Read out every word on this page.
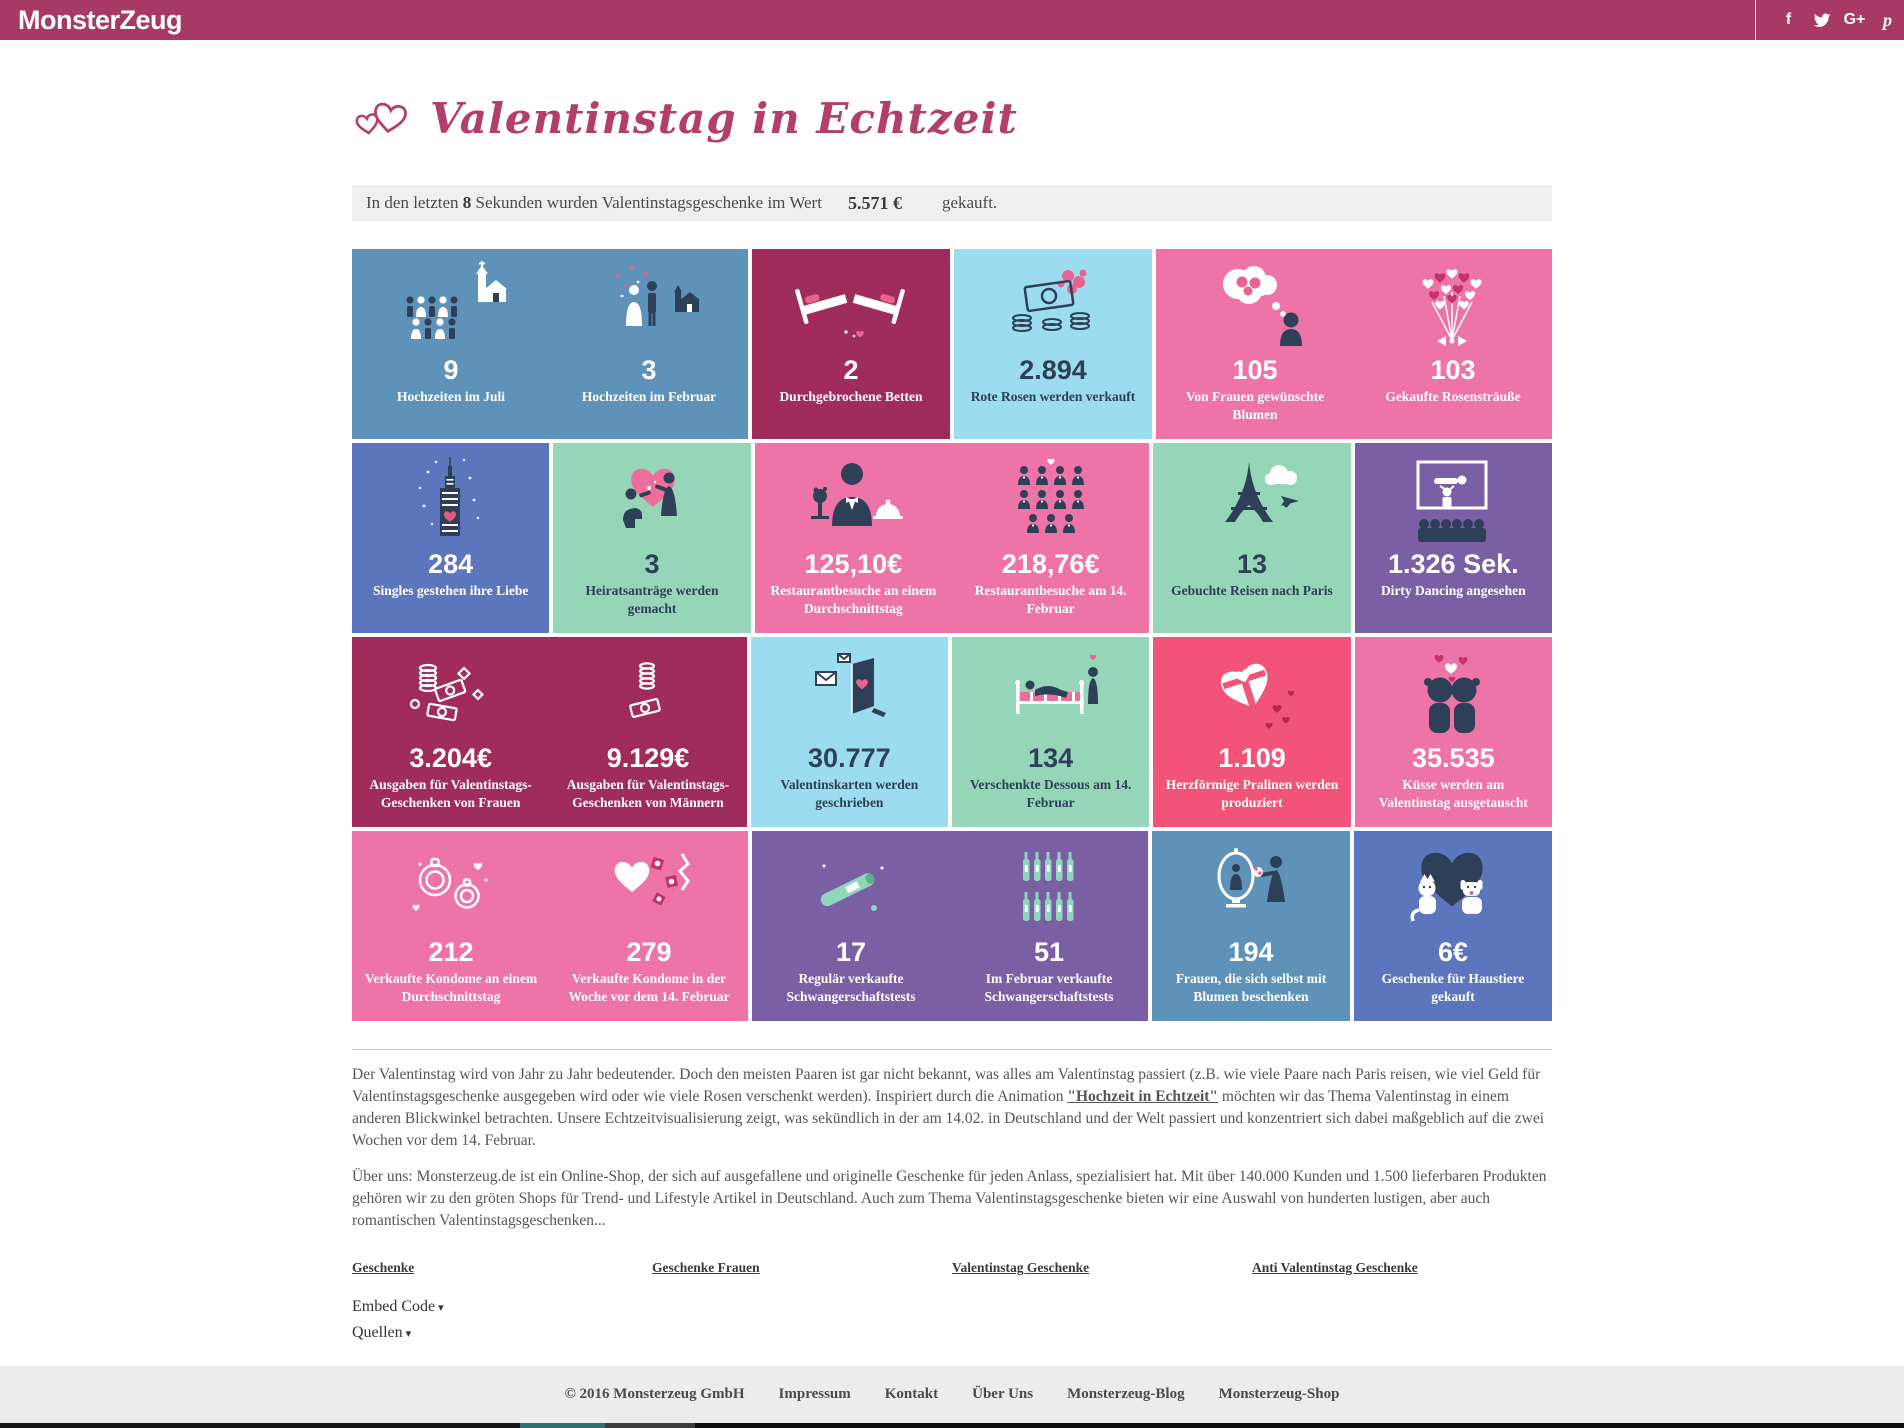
MonsterZeug	f	G+ p
Valentinstag in Echtzeit
In den letzten
8
Sekunden wurden Valentinstagsgeschenke im Wert 5.571 € gekauft.
9
Hochzeiten im Juli
3
Hochzeiten im Februar
2
Durchgebrochene Betten
2.894
Rote Rosen werden verkauft
105
Von Frauen gewünschte Blumen
103
Gekaufte Rosensträuße
284
Singles gestehen ihre Liebe
3
Heiratsanträge werden gemacht
125,10€
Restaurantbesuche an einem Durchschnittstag
218,76€
Restaurantbesuche am 14. Februar
13
Gebuchte Reisen nach Paris
1.326 Sek.
Dirty Dancing angesehen
3.204€
Ausgaben für Valentinstags-Geschenken von Frauen
9.129€
Ausgaben für Valentinstags-Geschenken von Männern
30.777
Valentinskarten werden geschrieben
134
Verschenkte Dessous am 14. Februar
1.109
Herzförmige Pralinen werden produziert
35.535
Küsse werden am Valentinstag ausgetauscht
212
Verkaufte Kondome an einem Durchschnittstag
279
Verkaufte Kondome in der Woche vor dem 14. Februar
17
Regulär verkaufte Schwangerschaftstests
51
Im Februar verkaufte Schwangerschaftstests
194
Frauen, die sich selbst mit Blumen beschenken
6€
Geschenke für Haustiere gekauft

Der Valentinstag wird von Jahr zu Jahr bedeutender. Doch den meisten Paaren ist gar nicht bekannt, was alles am Valentinstag passiert (z.B. wie viele Paare nach Paris reisen, wie viel Geld für Valentinstagsgeschenke ausgegeben wird oder wie viele Rosen verschenkt werden). Inspiriert durch die Animation "Hochzeit in Echtzeit" möchten wir das Thema Valentinstag in einem anderen Blickwinkel betrachten. Unsere Echtzeitvisualisierung zeigt, was sekündlich in der am 14.02. in Deutschland und der Welt passiert und konzentriert sich dabei maßgeblich auf die zwei Wochen vor dem 14. Februar.

Über uns: Monsterzeug.de ist ein Online-Shop, der sich auf ausgefallene und originelle Geschenke für jeden Anlass, spezialisiert hat. Mit über 140.000 Kunden und 1.500 lieferbaren Produkten gehören wir zu den gröten Shops für Trend- und Lifestyle Artikel in Deutschland. Auch zum Thema Valentinstagsgeschenke bieten wir eine Auswahl von hunderten lustigen, aber auch romantischen Valentinstagsgeschenken...

Geschenke	Geschenke Frauen	Valentinstag Geschenke	Anti Valentinstag Geschenke
Embed Code ▾
Quellen ▾
© 2016 Monsterzeug GmbH Impressum Kontakt Über Uns Monsterzeug-Blog Monsterzeug-Shop
